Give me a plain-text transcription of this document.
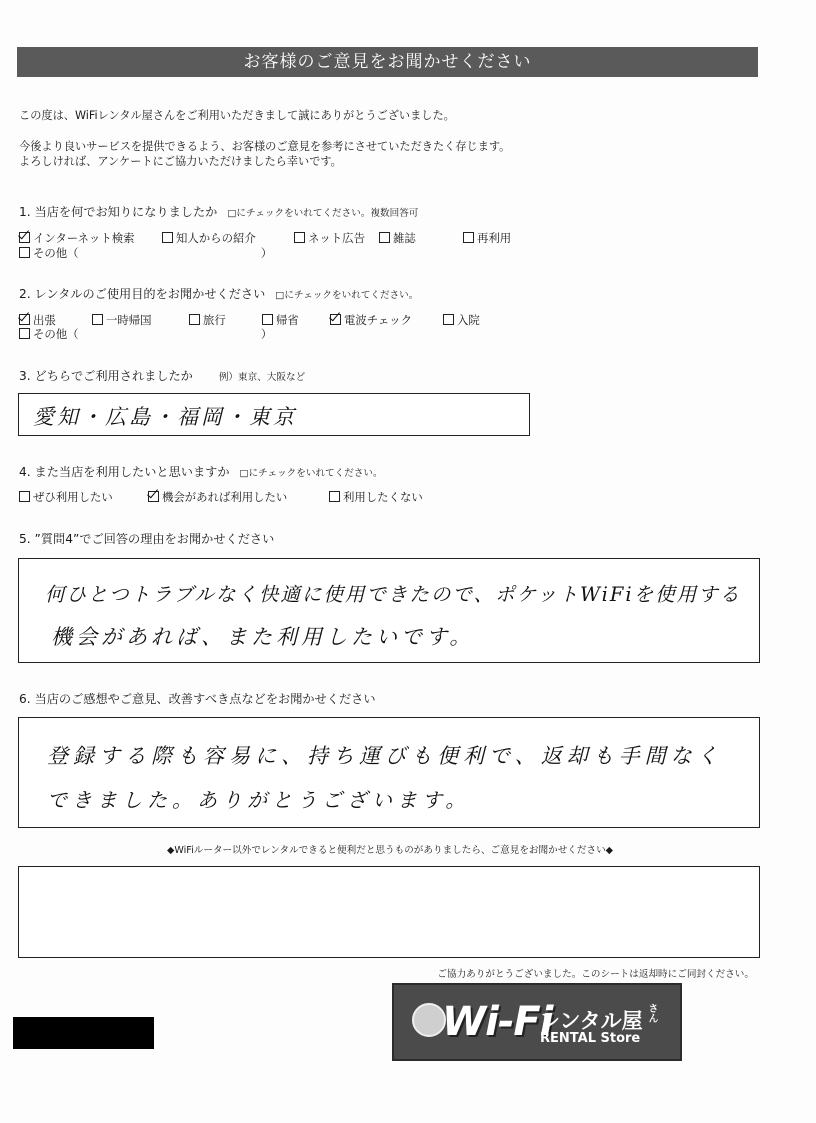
お客様のご意見をお聞かせください
この度は、WiFiレンタル屋さんをご利用いただきまして誠にありがとうございました。
今後より良いサービスを提供できるよう、お客様のご意見を参考にさせていただきたく存じます。
よろしければ、アンケートにご協力いただけましたら幸いです。
1. 当店を何でお知りになりましたか □にチェックをいれてください。複数回答可
インターネット検索	知人からの紹介	ネット広告	雑誌	再利用
その他（　　　　　　　　　　　　　　　　）
2. レンタルのご使用目的をお聞かせください □にチェックをいれてください。
出張	一時帰国	旅行	帰省	電波チェック	入院
その他（　　　　　　　　　　　　　　　　）
3. どちらでご利用されましたか	例）東京、大阪など
愛知・広島・福岡・東京
4. また当店を利用したいと思いますか □にチェックをいれてください。
ぜひ利用したい	機会があれば利用したい	利用したくない
5. ”質問4”でご回答の理由をお聞かせください
何ひとつトラブルなく快適に使用できたので、ポケットWiFiを使用する
機会があれば、また利用したいです。
6. 当店のご感想やご意見、改善すべき点などをお聞かせください
登録する際も容易に、持ち運びも便利で、返却も手間なく
できました。ありがとうございます。
◆WiFiルーター以外でレンタルできると便利だと思うものがありましたら、ご意見をお聞かせください◆
ご協力ありがとうございました。このシートは返却時にご同封ください。
Wi-Fi
レンタル屋 さん
RENTAL Store
